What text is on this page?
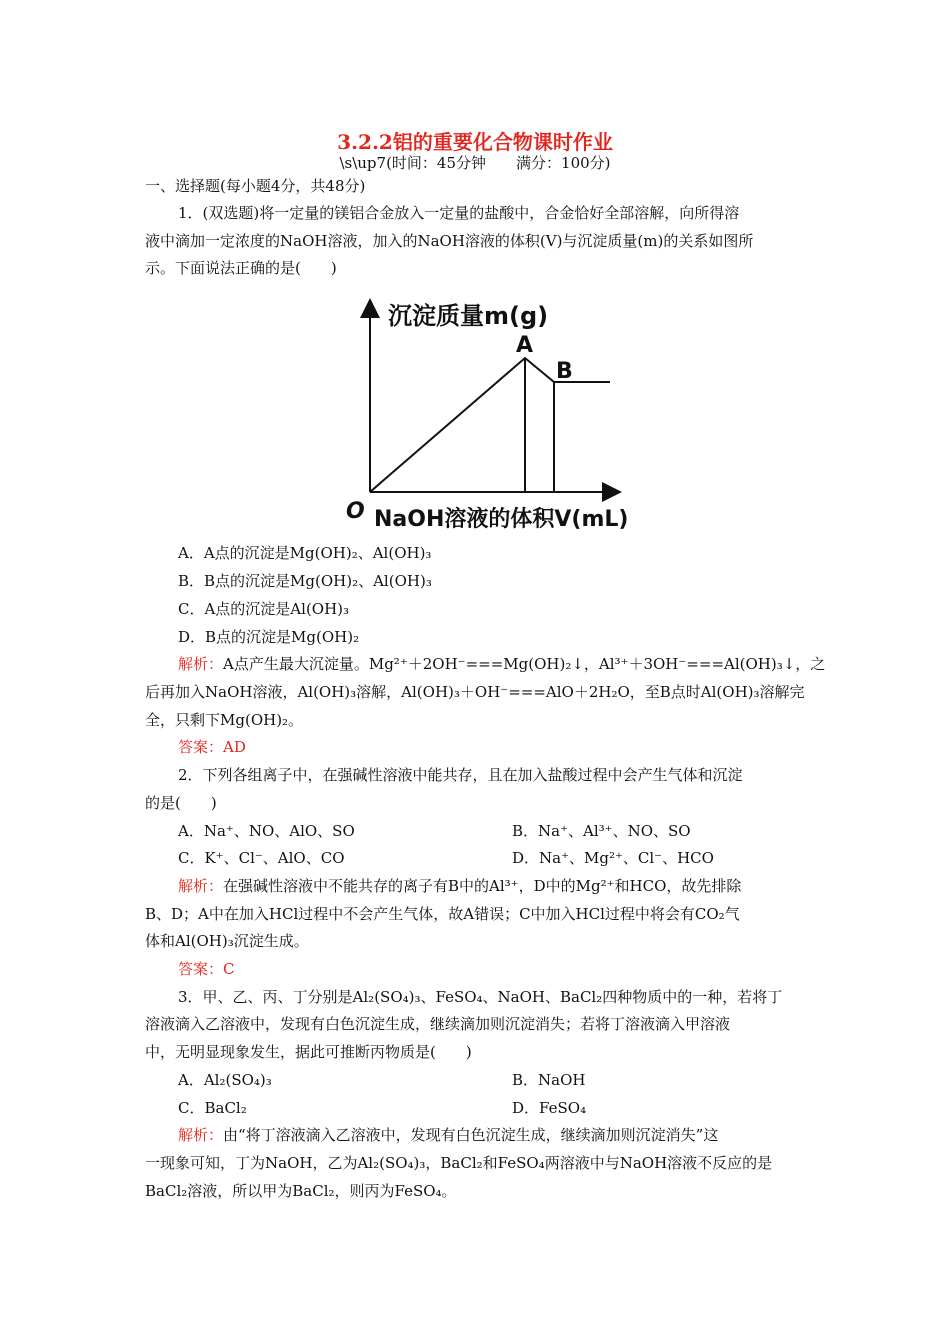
3.2.2铝的重要化合物课时作业
\s\up7(时间：45分钟　　满分：100分)
一、选择题(每小题4分，共48分)
1．(双选题)将一定量的镁铝合金放入一定量的盐酸中，合金恰好全部溶解，向所得溶
液中滴加一定浓度的NaOH溶液，加入的NaOH溶液的体积(V)与沉淀质量(m)的关系如图所
示。下面说法正确的是(　　)
沉淀质量m(g)
A
B
O NaOH溶液的体积V(mL)
A．A点的沉淀是Mg(OH)₂、Al(OH)₃
B．B点的沉淀是Mg(OH)₂、Al(OH)₃
C．A点的沉淀是Al(OH)₃
D．B点的沉淀是Mg(OH)₂
解析：A点产生最大沉淀量。Mg²⁺＋2OH⁻===Mg(OH)₂↓，Al³⁺＋3OH⁻===Al(OH)₃↓，之
后再加入NaOH溶液，Al(OH)₃溶解，Al(OH)₃＋OH⁻===AlO＋2H₂O，至B点时Al(OH)₃溶解完
全，只剩下Mg(OH)₂。
答案：AD
2．下列各组离子中，在强碱性溶液中能共存，且在加入盐酸过程中会产生气体和沉淀
的是(　　)
A．Na⁺、NO、AlO、SO	B．Na⁺、Al³⁺、NO、SO
C．K⁺、Cl⁻、AlO、CO	D．Na⁺、Mg²⁺、Cl⁻、HCO
解析：在强碱性溶液中不能共存的离子有B中的Al³⁺，D中的Mg²⁺和HCO，故先排除
B、D；A中在加入HCl过程中不会产生气体，故A错误；C中加入HCl过程中将会有CO₂气
体和Al(OH)₃沉淀生成。
答案：C
3．甲、乙、丙、丁分别是Al₂(SO₄)₃、FeSO₄、NaOH、BaCl₂四种物质中的一种，若将丁
溶液滴入乙溶液中，发现有白色沉淀生成，继续滴加则沉淀消失；若将丁溶液滴入甲溶液
中，无明显现象发生，据此可推断丙物质是(　　)
A．Al₂(SO₄)₃	B．NaOH
C．BaCl₂	D．FeSO₄
解析：由“将丁溶液滴入乙溶液中，发现有白色沉淀生成，继续滴加则沉淀消失”这
一现象可知，丁为NaOH，乙为Al₂(SO₄)₃，BaCl₂和FeSO₄两溶液中与NaOH溶液不反应的是
BaCl₂溶液，所以甲为BaCl₂，则丙为FeSO₄。
